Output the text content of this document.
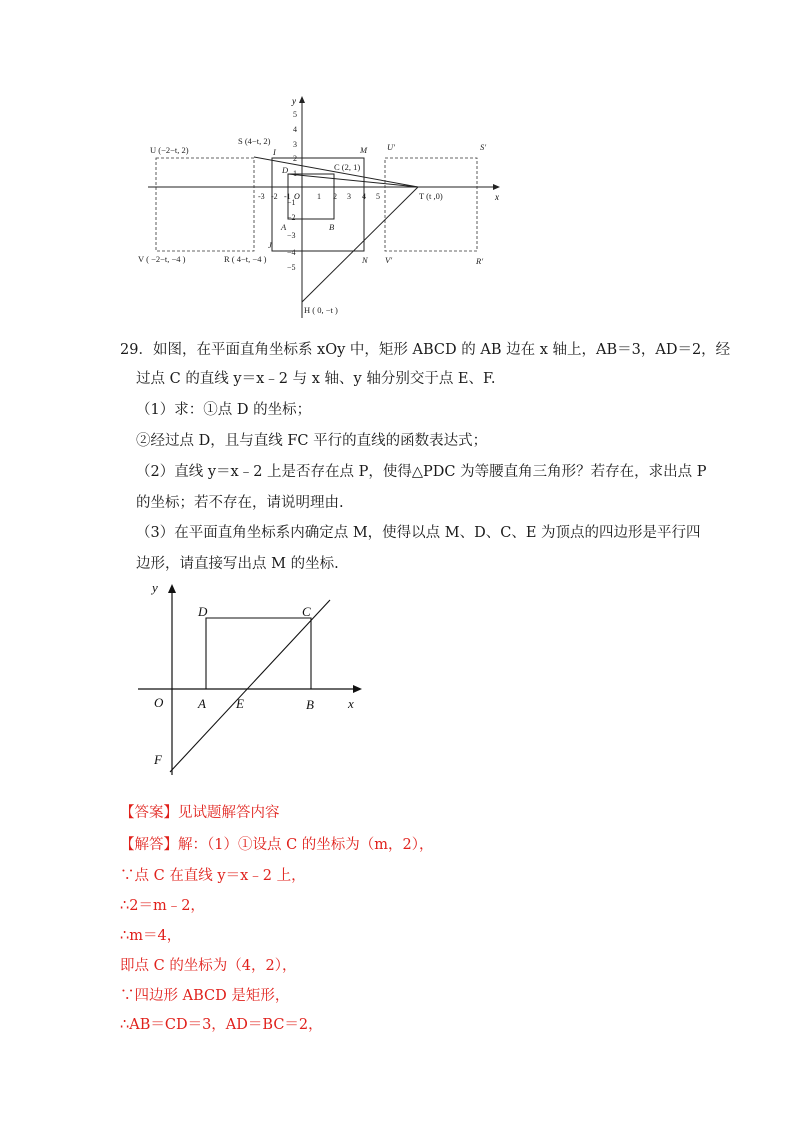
x
y
5
4
3
2
1
−1
−2
−3
−4
−5
-3 -2 -1	1 2 3 4 5
O
U (−2−t, 2)
S (4−t, 2)
I	M U′	S′
D	C (2, 1)
T (t ,0)
A	B
J
V ( −2−t, −4 )	R ( 4−t, −4 )	N V′	R′
H ( 0, −t )
29．如图，在平面直角坐标系 xOy 中，矩形 ABCD 的 AB 边在 x 轴上，AB＝3，AD＝2，经
过点 C 的直线 y＝x﹣2 与 x 轴、y 轴分别交于点 E、F.
（1）求：①点 D 的坐标；
②经过点 D，且与直线 FC 平行的直线的函数表达式；
（2）直线 y＝x﹣2 上是否存在点 P，使得△PDC 为等腰直角三角形？若存在，求出点 P
的坐标；若不存在，请说明理由.
（3）在平面直角坐标系内确定点 M，使得以点 M、D、C、E 为顶点的四边形是平行四
边形，请直接写出点 M 的坐标.
y
D	C
O	A E	B	x
F
【答案】见试题解答内容
【解答】解：（1）①设点 C 的坐标为（m，2），
∵点 C 在直线 y＝x﹣2 上，
∴2＝m﹣2，
∴m＝4，
即点 C 的坐标为（4，2），
∵四边形 ABCD 是矩形，
∴AB＝CD＝3，AD＝BC＝2，
